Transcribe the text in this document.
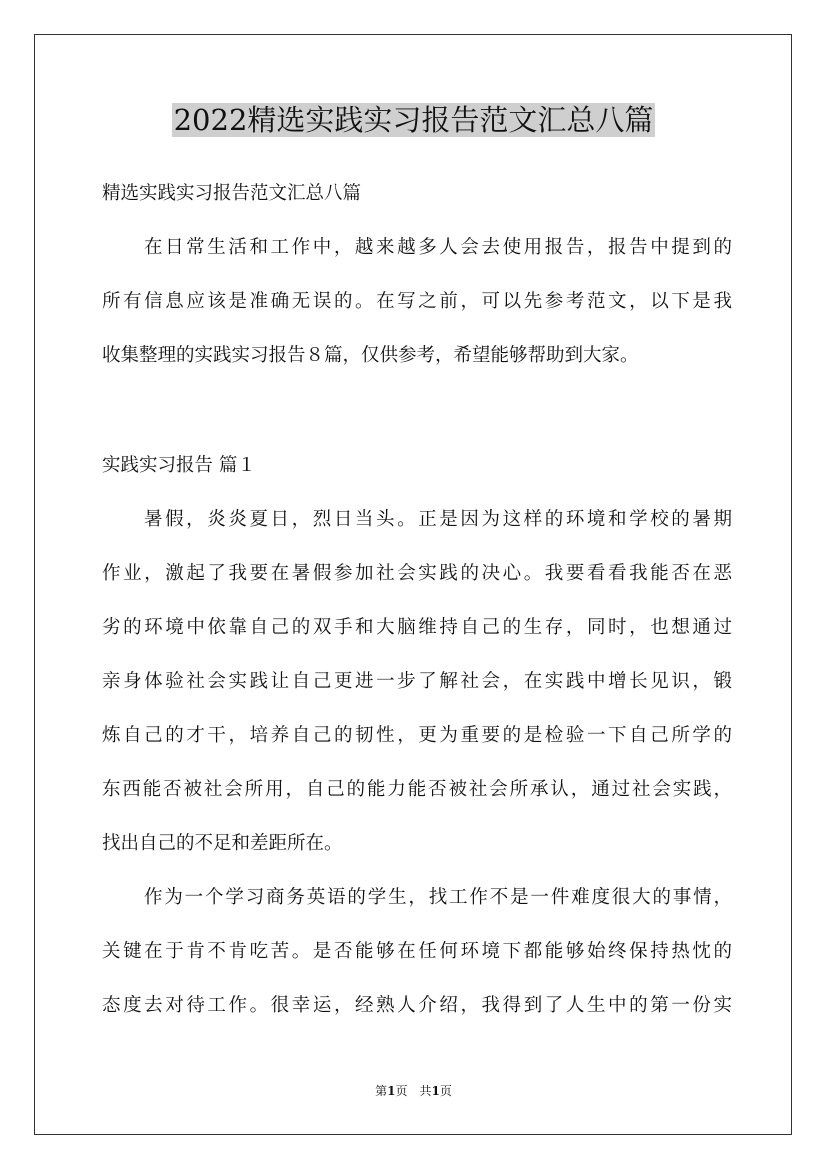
2022精选实践实习报告范文汇总八篇

精选实践实习报告范文汇总八篇

在日常生活和工作中，越来越多人会去使用报告，报告中提到的

所有信息应该是准确无误的。在写之前，可以先参考范文，以下是我

收集整理的实践实习报告８篇，仅供参考，希望能够帮助到大家。

实践实习报告 篇１

暑假，炎炎夏日，烈日当头。正是因为这样的环境和学校的暑期

作业，激起了我要在暑假参加社会实践的决心。我要看看我能否在恶

劣的环境中依靠自己的双手和大脑维持自己的生存，同时，也想通过

亲身体验社会实践让自己更进一步了解社会，在实践中增长见识，锻

炼自己的才干，培养自己的韧性，更为重要的是检验一下自己所学的

东西能否被社会所用，自己的能力能否被社会所承认，通过社会实践，

找出自己的不足和差距所在。

作为一个学习商务英语的学生，找工作不是一件难度很大的事情，

关键在于肯不肯吃苦。是否能够在任何环境下都能够始终保持热忱的

态度去对待工作。很幸运，经熟人介绍，我得到了人生中的第一份实

第1页　共1页
